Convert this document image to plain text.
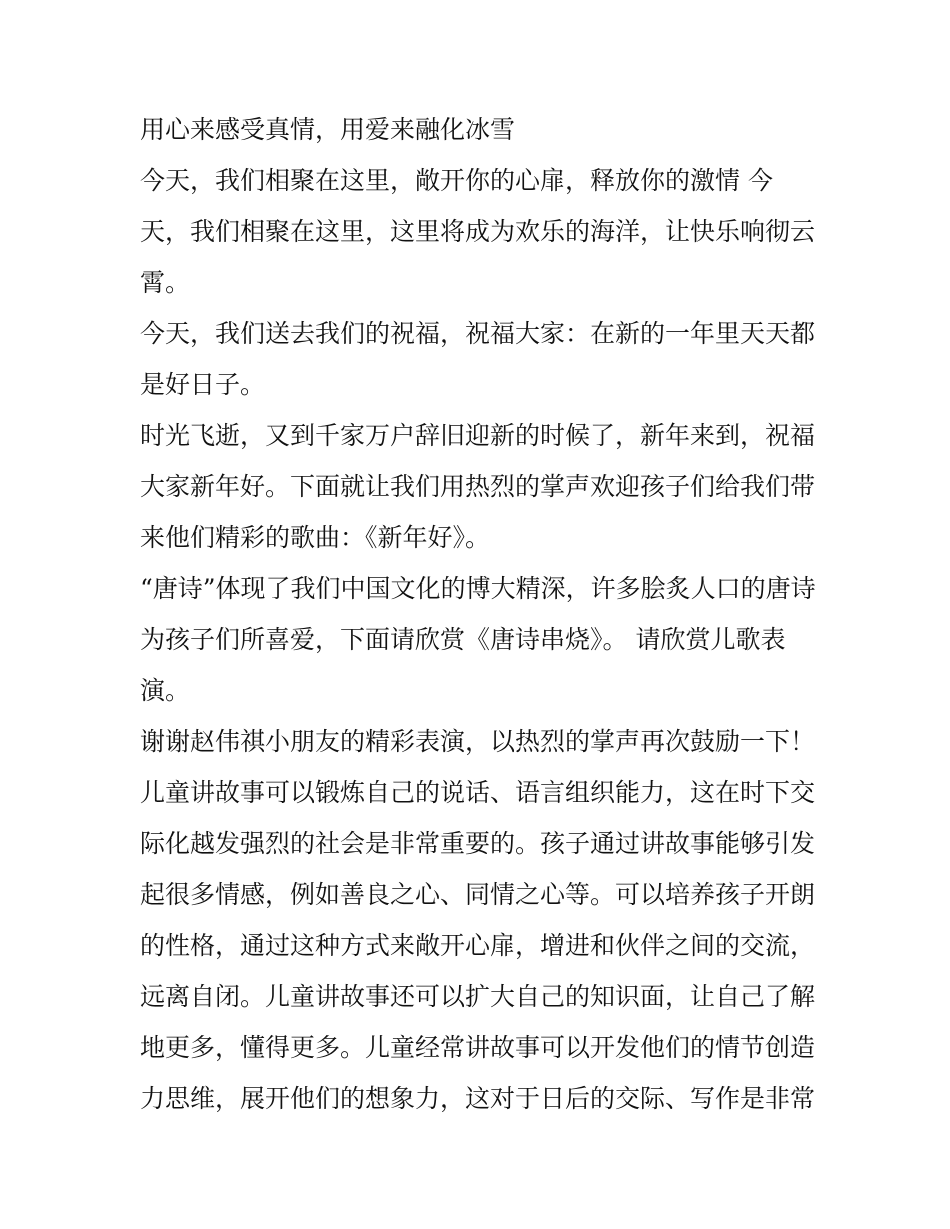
用心来感受真情，用爱来融化冰雪
今天，我们相聚在这里，敞开你的心扉，释放你的激情 今
天，我们相聚在这里，这里将成为欢乐的海洋，让快乐响彻云
霄。
今天，我们送去我们的祝福，祝福大家：在新的一年里天天都
是好日子。
时光飞逝，又到千家万户辞旧迎新的时候了，新年来到，祝福
大家新年好。下面就让我们用热烈的掌声欢迎孩子们给我们带
来他们精彩的歌曲：《新年好》。
“唐诗”体现了我们中国文化的博大精深，许多脍炙人口的唐诗
为孩子们所喜爱，下面请欣赏《唐诗串烧》。 请欣赏儿歌表
演。
谢谢赵伟祺小朋友的精彩表演，以热烈的掌声再次鼓励一下！
儿童讲故事可以锻炼自己的说话、语言组织能力，这在时下交
际化越发强烈的社会是非常重要的。孩子通过讲故事能够引发
起很多情感，例如善良之心、同情之心等。可以培养孩子开朗
的性格，通过这种方式来敞开心扉，增进和伙伴之间的交流，
远离自闭。儿童讲故事还可以扩大自己的知识面，让自己了解
地更多，懂得更多。儿童经常讲故事可以开发他们的情节创造
力思维，展开他们的想象力，这对于日后的交际、写作是非常
